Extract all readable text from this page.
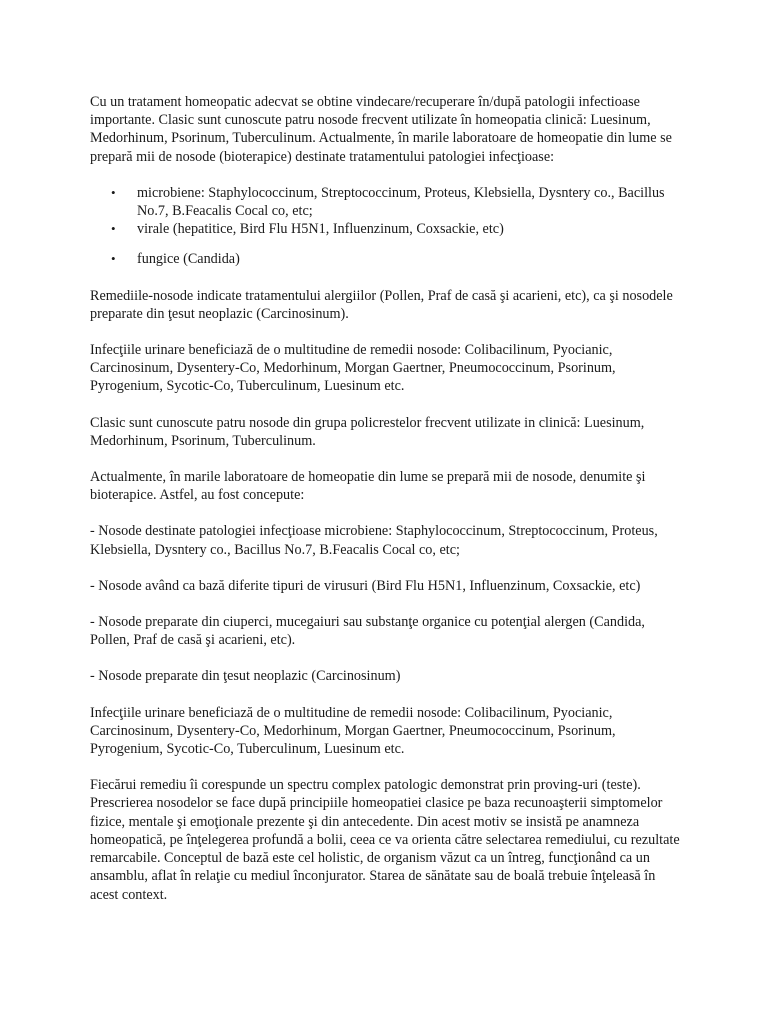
Cu un tratament homeopatic adecvat se obtine vindecare/recuperare în/după patologii infectioase importante. Clasic sunt cunoscute patru nosode frecvent utilizate în homeopatia clinică: Luesinum, Medorhinum, Psorinum, Tuberculinum. Actualmente, în marile laboratoare de homeopatie din lume se prepară mii de nosode (bioterapice) destinate tratamentului patologiei infecţioase:

• microbiene: Staphylococcinum, Streptococcinum, Proteus, Klebsiella, Dysntery co., Bacillus No.7, B.Feacalis Cocal co, etc;
• virale (hepatitice, Bird Flu H5N1, Influenzinum, Coxsackie, etc)
• fungice (Candida)

Remediile-nosode indicate tratamentului alergiilor (Pollen, Praf de casă şi acarieni, etc), ca şi nosodele preparate din ţesut neoplazic (Carcinosinum).

Infecţiile urinare beneficiază de o multitudine de remedii nosode: Colibacilinum, Pyocianic, Carcinosinum, Dysentery-Co, Medorhinum, Morgan Gaertner, Pneumococcinum, Psorinum, Pyrogenium, Sycotic-Co, Tuberculinum, Luesinum etc.

Clasic sunt cunoscute patru nosode din grupa policrestelor frecvent utilizate in clinică: Luesinum, Medorhinum, Psorinum, Tuberculinum.

Actualmente, în marile laboratoare de homeopatie din lume se prepară mii de nosode, denumite şi bioterapice. Astfel, au fost concepute:

- Nosode destinate patologiei infecţioase microbiene: Staphylococcinum, Streptococcinum, Proteus, Klebsiella, Dysntery co., Bacillus No.7, B.Feacalis Cocal co, etc;

- Nosode având ca bază diferite tipuri de virusuri (Bird Flu H5N1, Influenzinum, Coxsackie, etc)

- Nosode preparate din ciuperci, mucegaiuri sau substanţe organice cu potenţial alergen (Candida, Pollen, Praf de casă şi acarieni, etc).

- Nosode preparate din ţesut neoplazic (Carcinosinum)

Infecţiile urinare beneficiază de o multitudine de remedii nosode: Colibacilinum, Pyocianic, Carcinosinum, Dysentery-Co, Medorhinum, Morgan Gaertner, Pneumococcinum, Psorinum, Pyrogenium, Sycotic-Co, Tuberculinum, Luesinum etc.

Fiecărui remediu îi corespunde un spectru complex patologic demonstrat prin proving-uri (teste). Prescrierea nosodelor se face după principiile homeopatiei clasice pe baza recunoaşterii simptomelor fizice, mentale şi emoţionale prezente şi din antecedente. Din acest motiv se insistă pe anamneza homeopatică, pe înţelegerea profundă a bolii, ceea ce va orienta către selectarea remediului, cu rezultate remarcabile. Conceptul de bază este cel holistic, de organism văzut ca un întreg, funcţionând ca un ansamblu, aflat în relaţie cu mediul înconjurator. Starea de sănătate sau de boală trebuie înţeleasă în acest context.
